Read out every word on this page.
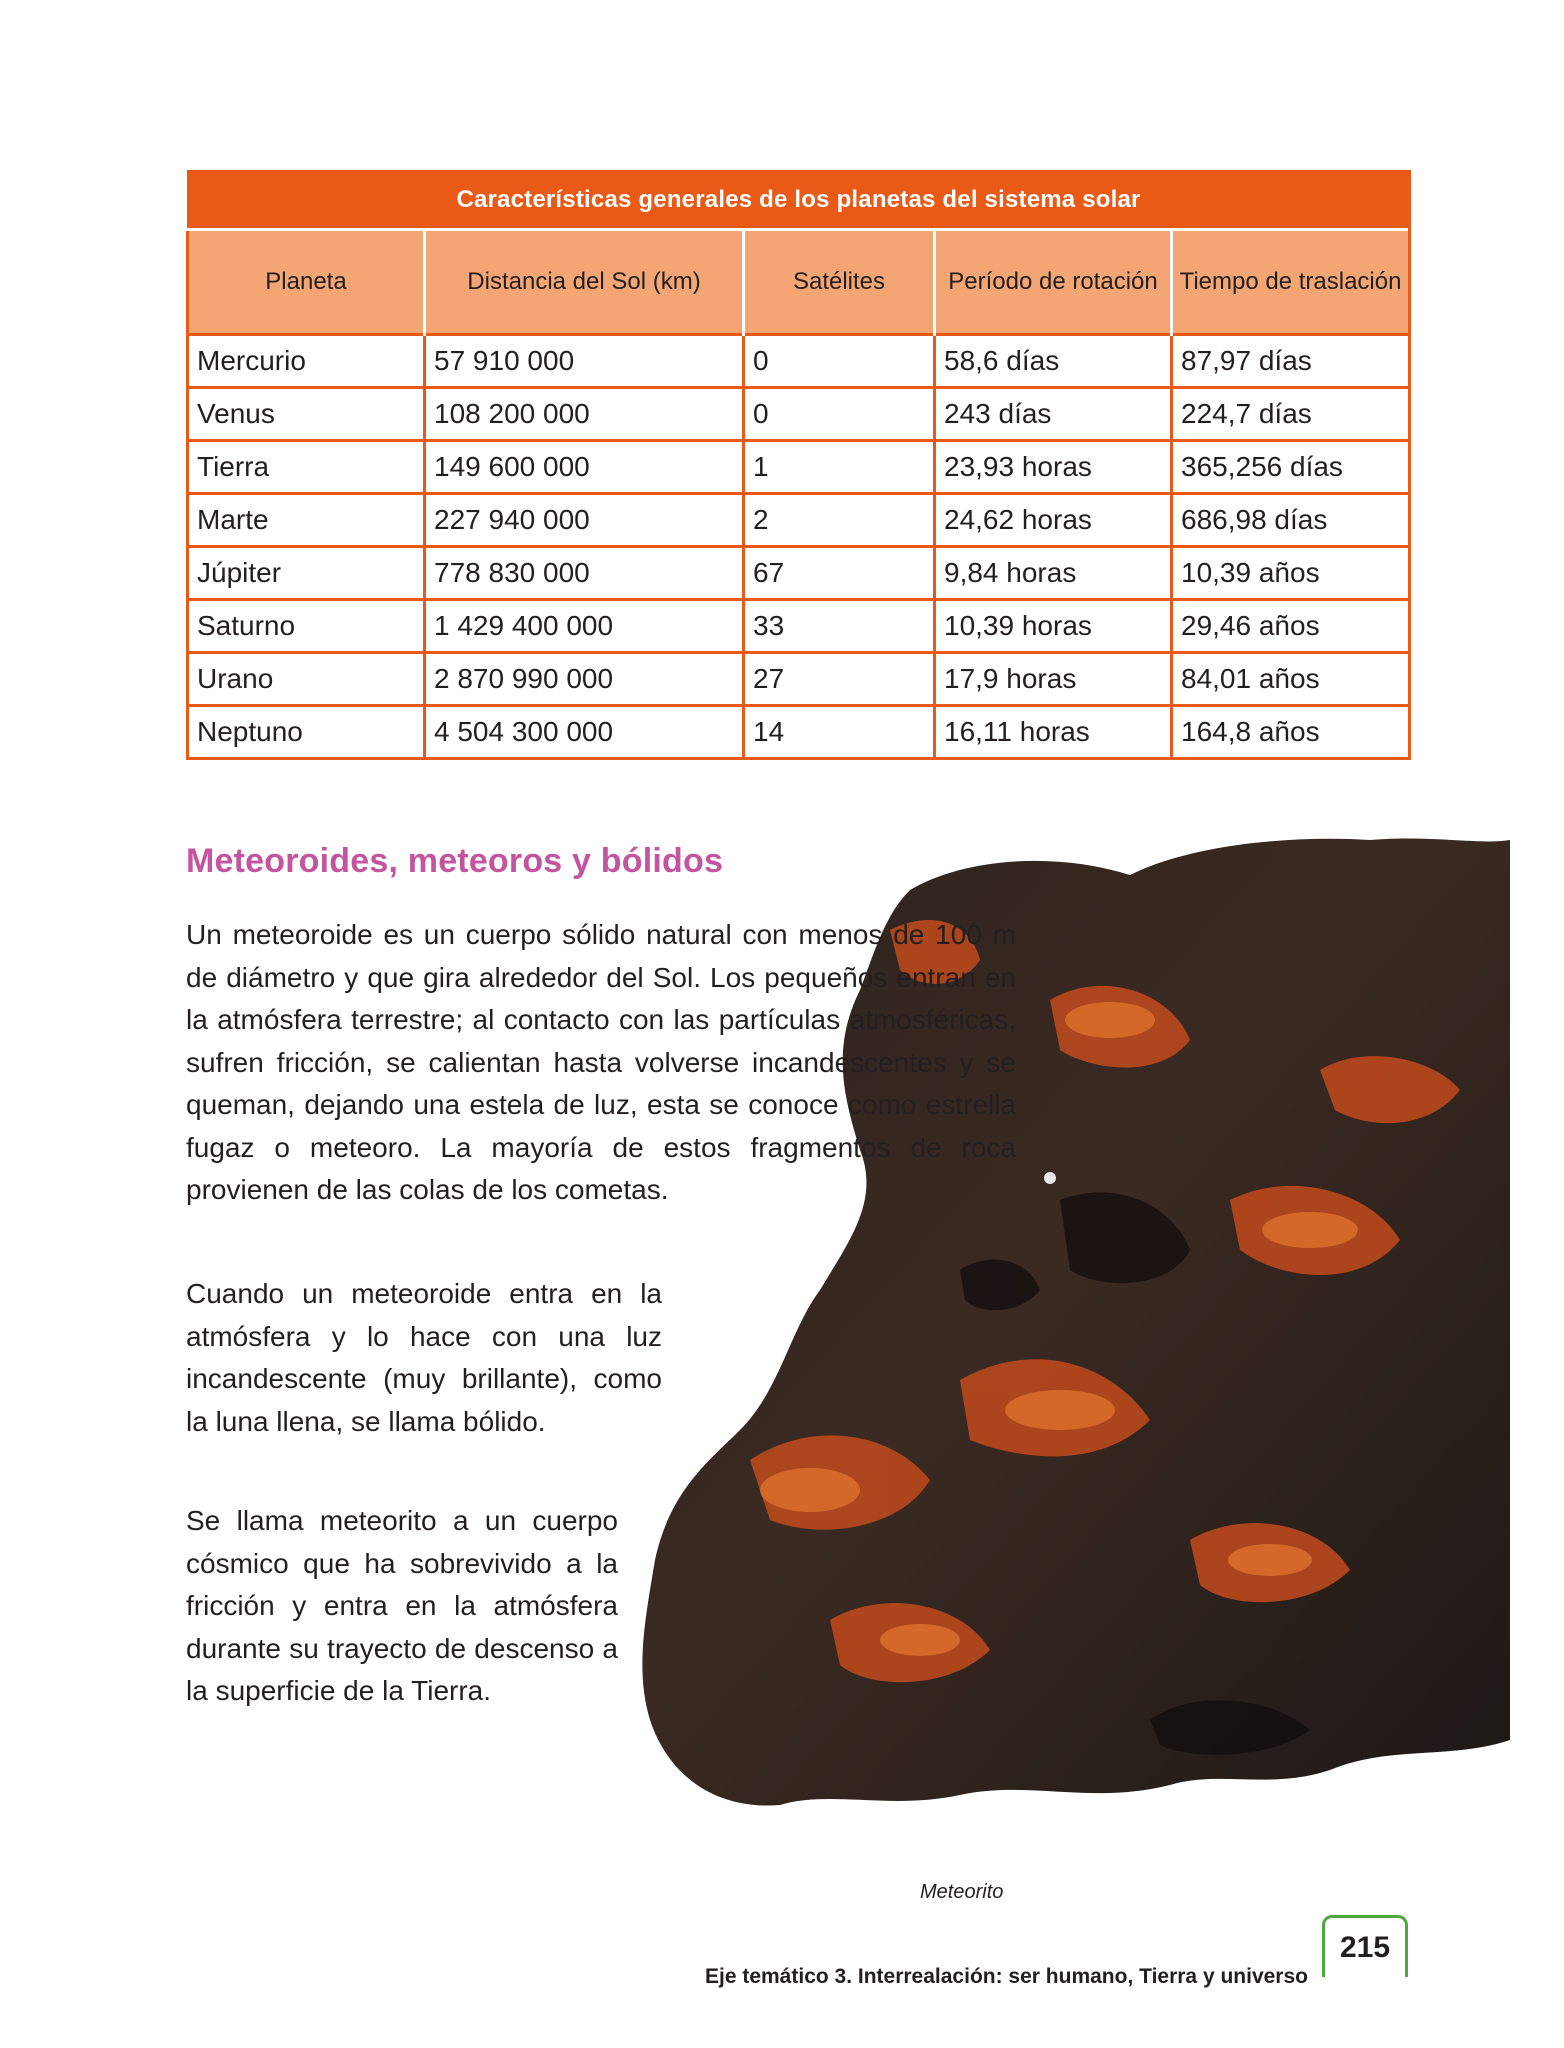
Características generales de los planetas del sistema solar				
Planeta	Distancia del Sol (km)	Satélites	Período de rotación	Tiempo de traslación
Mercurio	57 910 000	0	58,6 días	87,97 días
Venus	108 200 000	0	243 días	224,7 días
Tierra	149 600 000	1	23,93 horas	365,256 días
Marte	227 940 000	2	24,62 horas	686,98 días
Júpiter	778 830 000	67	9,84 horas	10,39 años
Saturno	1 429 400 000	33	10,39 horas	29,46 años
Urano	2 870 990 000	27	17,9 horas	84,01 años
Neptuno	4 504 300 000	14	16,11 horas	164,8 años
Meteoroides, meteoros y bólidos

Un meteoroide es un cuerpo sólido natural con menos de 100 m de diámetro y que gira alrededor del Sol. Los pequeños entran en la atmósfera terrestre; al contacto con las partículas atmosféricas, sufren fricción, se calientan hasta volverse incandescentes y se queman, dejando una estela de luz, esta se conoce como estrella fugaz o meteoro. La mayoría de estos fragmentos de roca provienen de las colas de los cometas.

Cuando un meteoroide entra en la atmósfera y lo hace con una luz incandescente (muy brillante), como la luna llena, se llama bólido.

Se llama meteorito a un cuerpo cósmico que ha sobrevivido a la fricción y entra en la atmósfera durante su trayecto de descenso a la superficie de la Tierra.

Meteorito
Eje temático 3. Interrealación: ser humano, Tierra y universo
215
